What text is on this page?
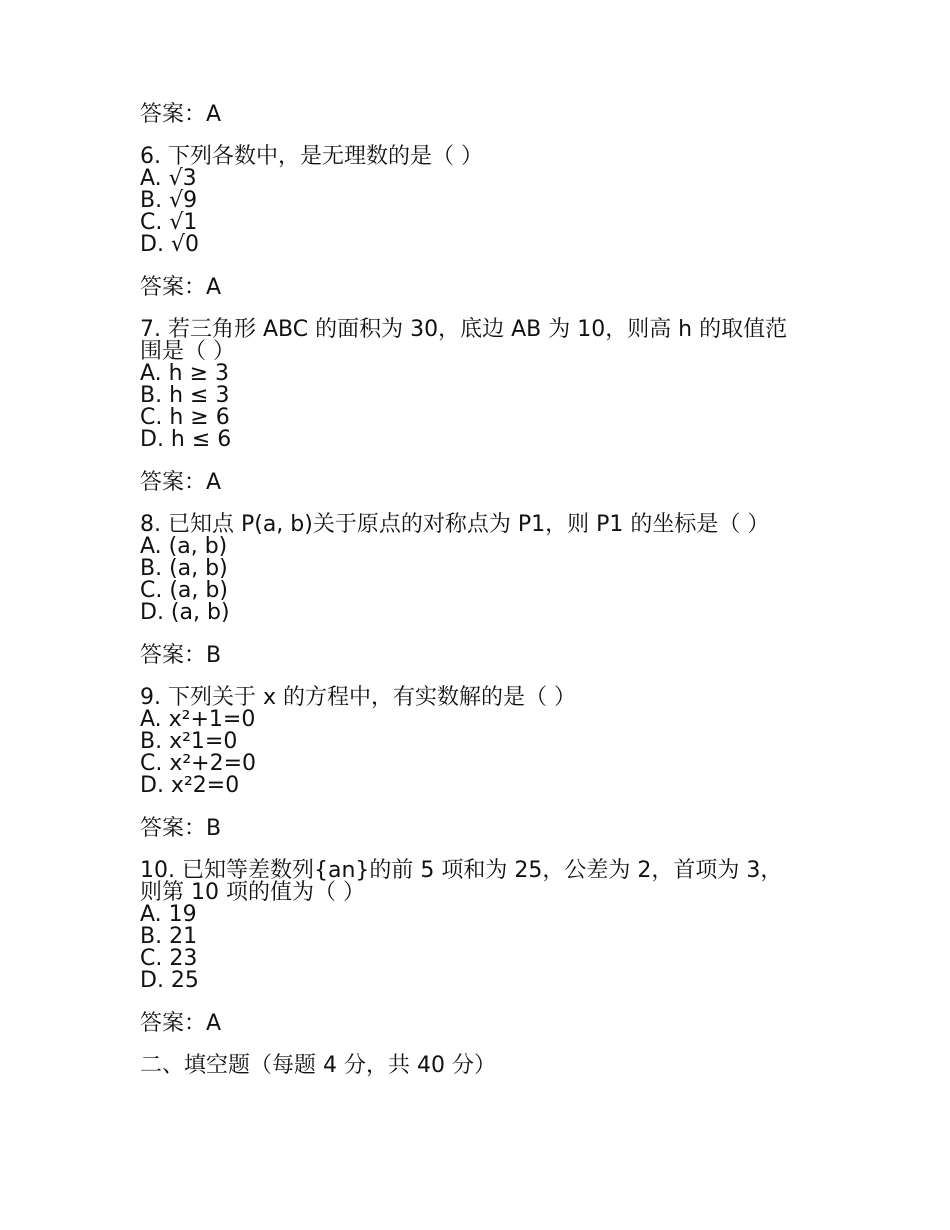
答案：A
6. 下列各数中，是无理数的是（ ）
A. √3
B. √9
C. √1
D. √0
答案：A
7. 若三角形 ABC 的面积为 30，底边 AB 为 10，则高 h 的取值范围是（ ）
A. h ≥ 3
B. h ≤ 3
C. h ≥ 6
D. h ≤ 6
答案：A
8. 已知点 P(a, b)关于原点的对称点为 P1，则 P1 的坐标是（ ）
A. (a, b)
B. (a, b)
C. (a, b)
D. (a, b)
答案：B
9. 下列关于 x 的方程中，有实数解的是（ ）
A. x²+1=0
B. x²1=0
C. x²+2=0
D. x²2=0
答案：B
10. 已知等差数列{an}的前 5 项和为 25，公差为 2，首项为 3，则第 10 项的值为（ ）
A. 19
B. 21
C. 23
D. 25
答案：A
二、填空题（每题 4 分，共 40 分）
